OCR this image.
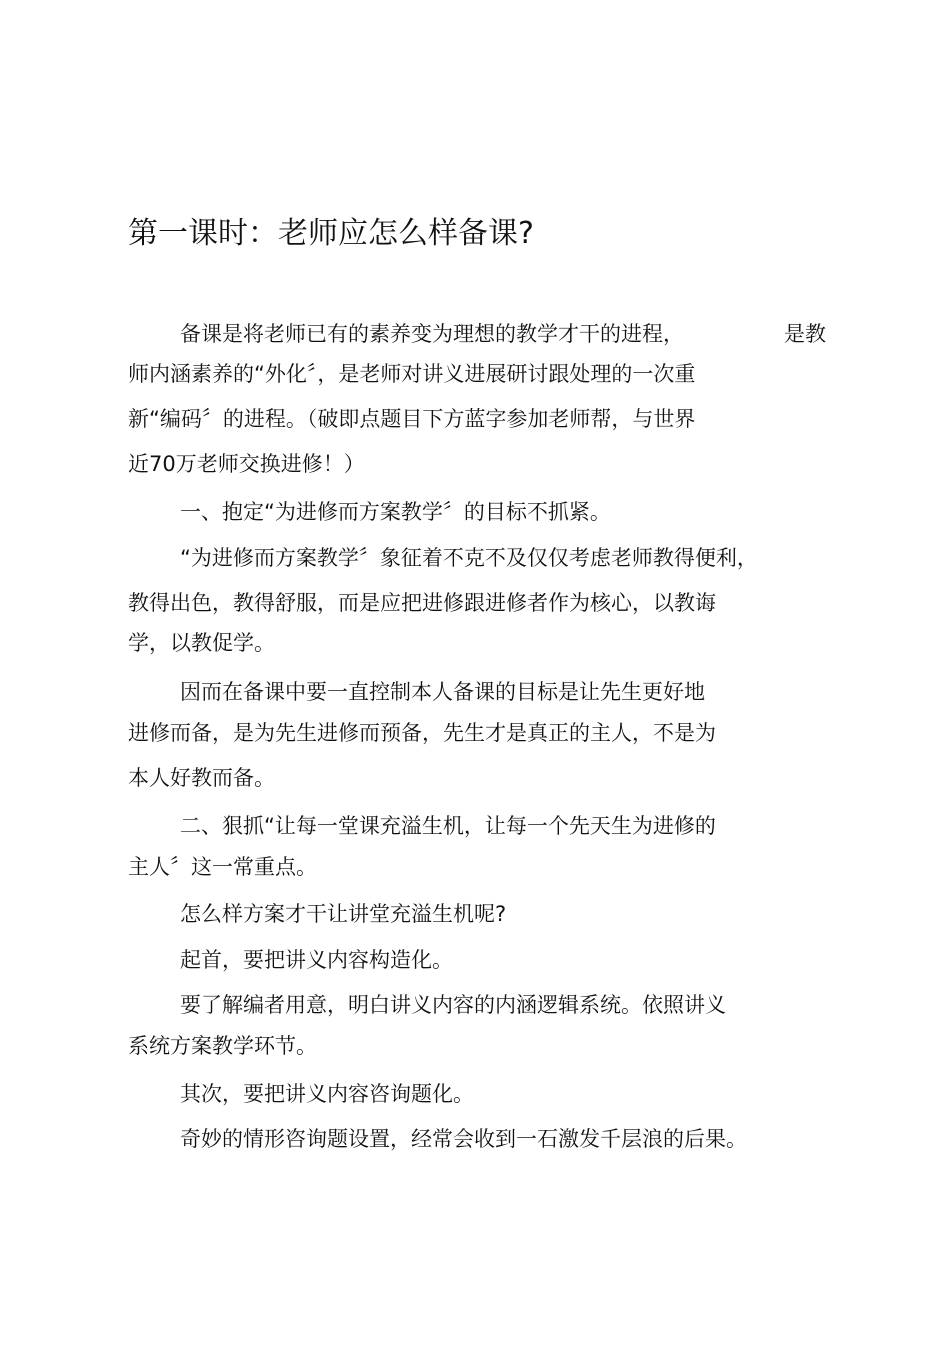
第一课时：老师应怎么样备课?
备课是将老师已有的素养变为理想的教学才干的进程，	是教
师内涵素养的“外化〞，是老师对讲义进展研讨跟处理的一次重
新“编码〞的进程。（破即点题目下方蓝字参加老师帮，与世界
近70万老师交换进修！）
一、抱定“为进修而方案教学〞的目标不抓紧。
“为进修而方案教学〞象征着不克不及仅仅考虑老师教得便利，
教得出色，教得舒服，而是应把进修跟进修者作为核心，以教诲
学，以教促学。
因而在备课中要一直控制本人备课的目标是让先生更好地
进修而备，是为先生进修而预备，先生才是真正的主人，不是为
本人好教而备。
二、狠抓“让每一堂课充溢生机，让每一个先天生为进修的
主人〞这一常重点。
怎么样方案才干让讲堂充溢生机呢?
起首，要把讲义内容构造化。
要了解编者用意，明白讲义内容的内涵逻辑系统。依照讲义
系统方案教学环节。
其次，要把讲义内容咨询题化。
奇妙的情形咨询题设置，经常会收到一石激发千层浪的后果。
